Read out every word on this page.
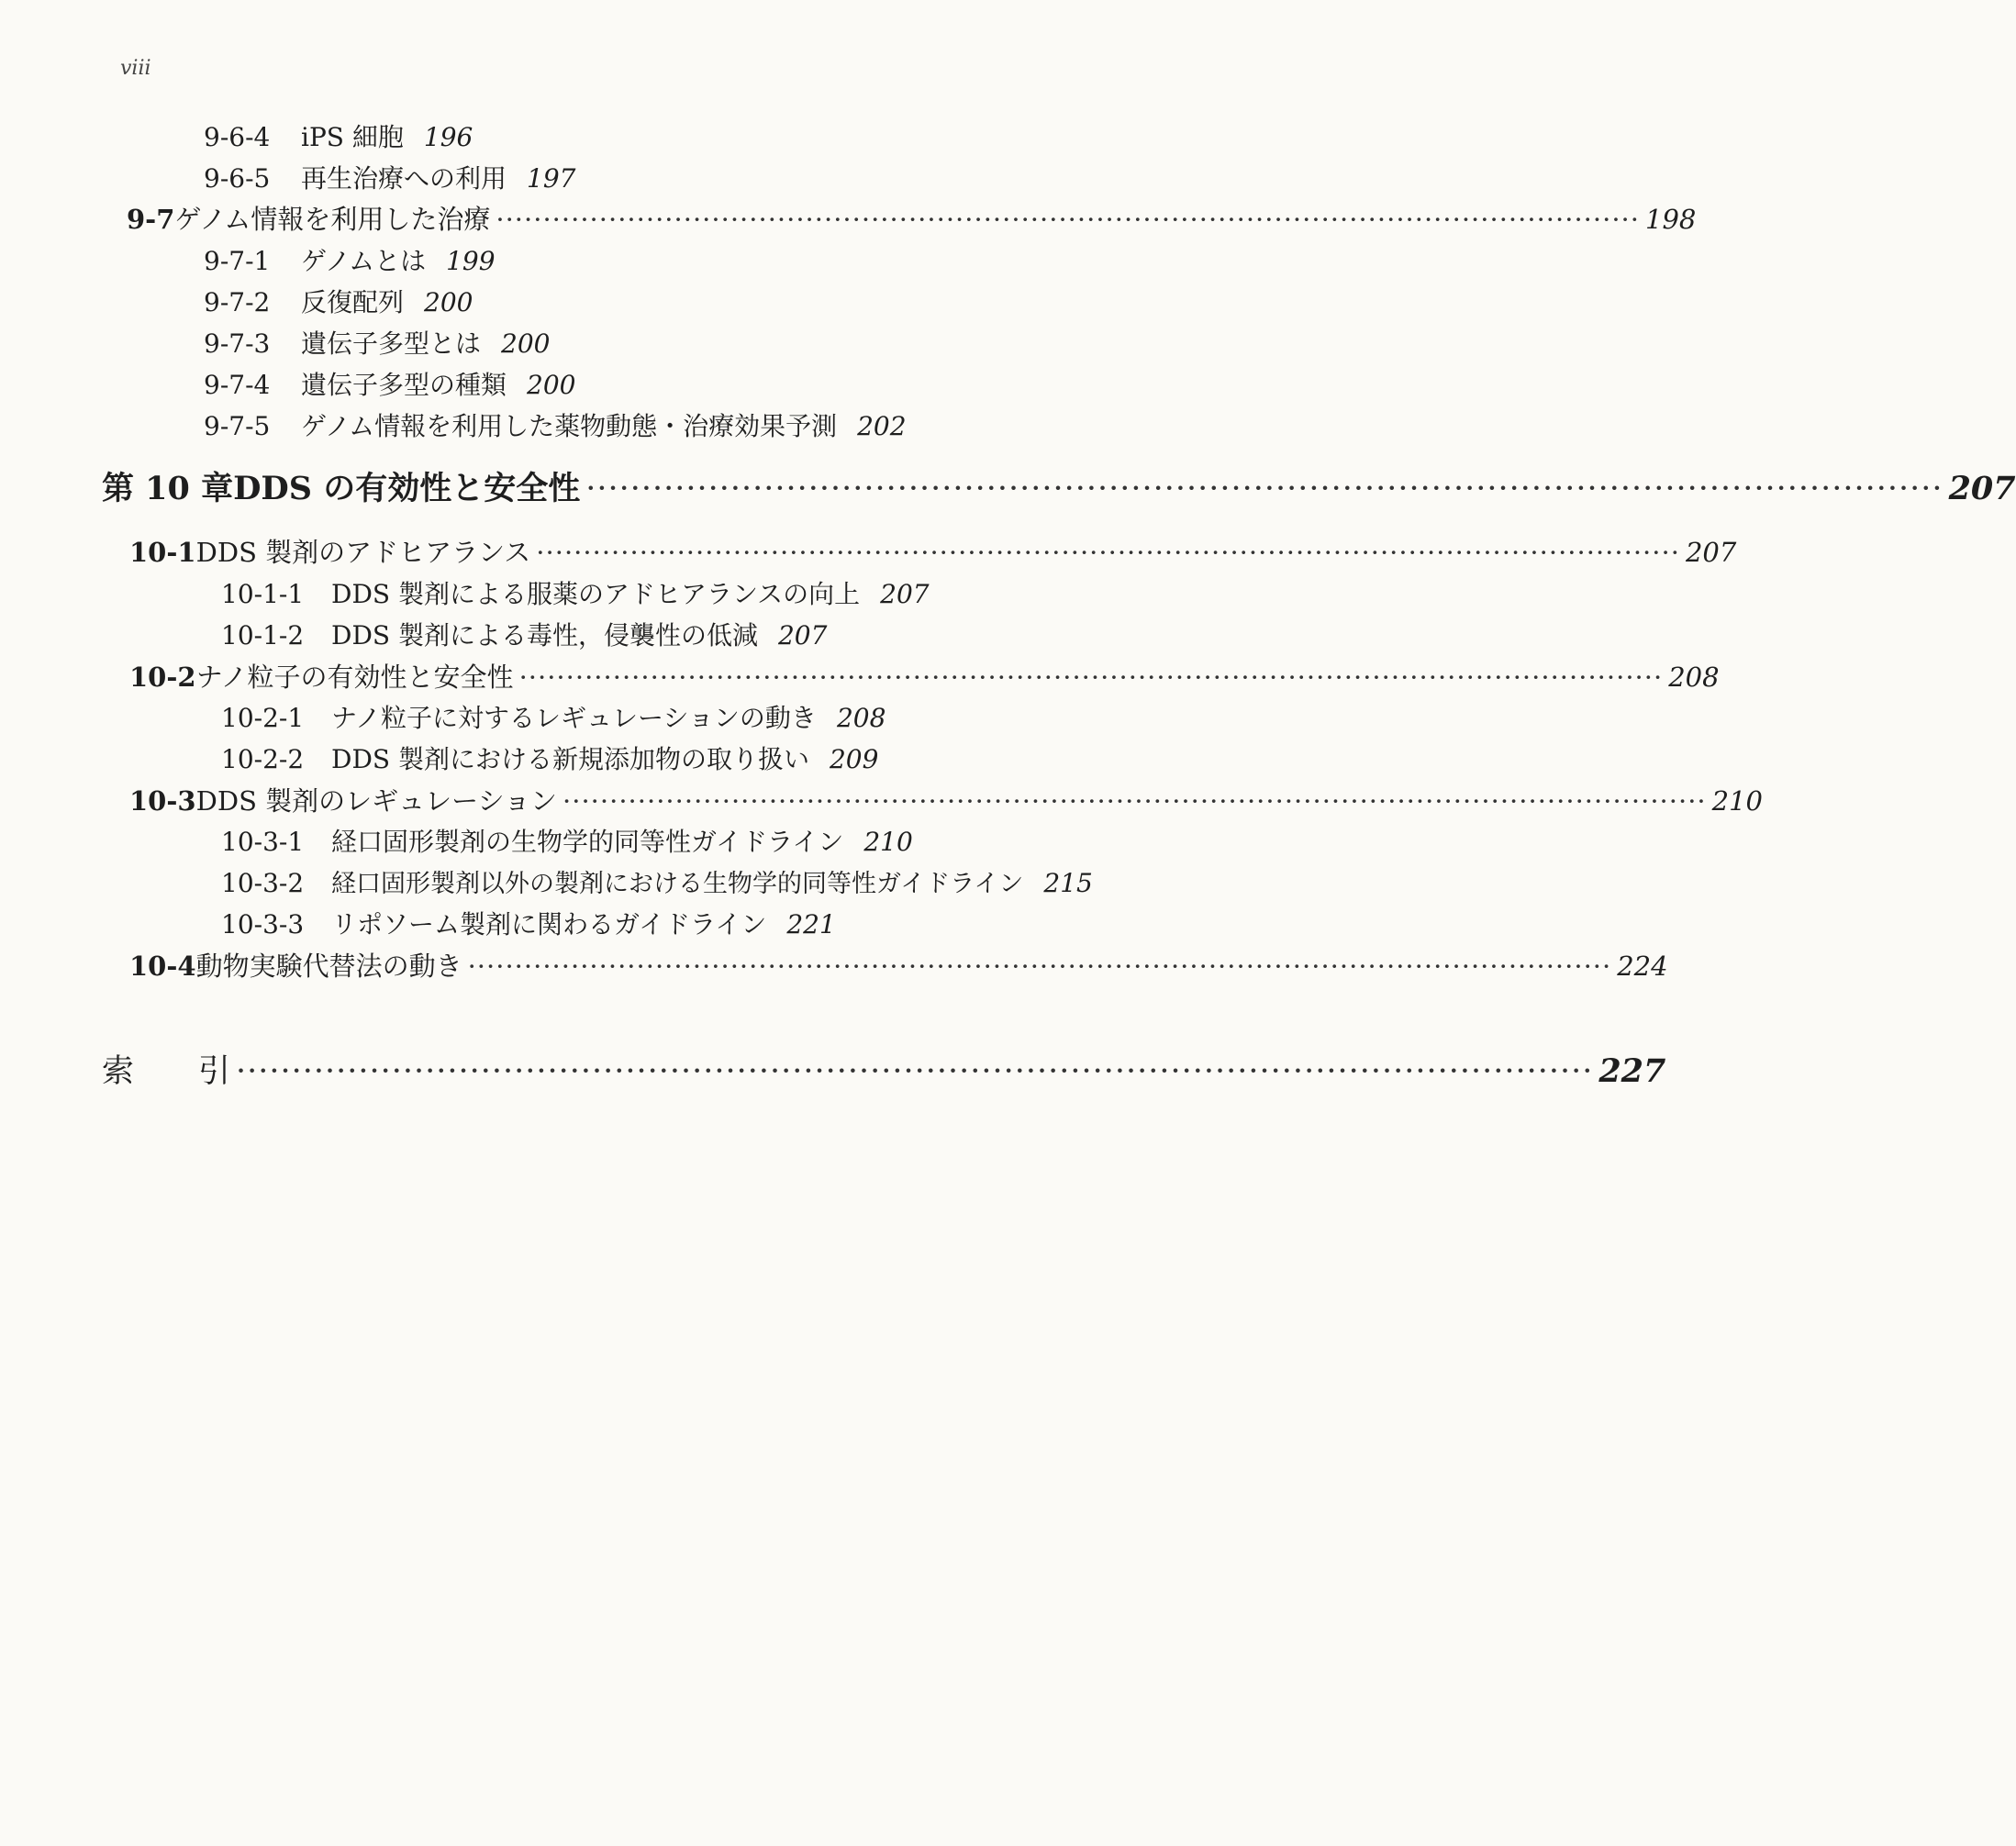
viii
9-6-4	iPS 細胞 196
9-6-5	再生治療への利用 197
9-7 ゲノム情報を利用した治療 ·························································································································· 198
9-7-1	ゲノムとは 199
9-7-2	反復配列 200
9-7-3	遺伝子多型とは 200
9-7-4	遺伝子多型の種類 200
9-7-5	ゲノム情報を利用した薬物動態・治療効果予測 202
第 10 章 DDS の有効性と安全性 ·························································································································· 207
10-1 DDS 製剤のアドヒアランス ·························································································································· 207
10-1-1	DDS 製剤による服薬のアドヒアランスの向上 207
10-1-2	DDS 製剤による毒性，侵襲性の低減 207
10-2 ナノ粒子の有効性と安全性 ·························································································································· 208
10-2-1	ナノ粒子に対するレギュレーションの動き 208
10-2-2	DDS 製剤における新規添加物の取り扱い 209
10-3 DDS 製剤のレギュレーション ·························································································································· 210
10-3-1	経口固形製剤の生物学的同等性ガイドライン 210
10-3-2	経口固形製剤以外の製剤における生物学的同等性ガイドライン 215
10-3-3	リポソーム製剤に関わるガイドライン 221
10-4 動物実験代替法の動き ·························································································································· 224
索　　引 ·························································································································· 227
